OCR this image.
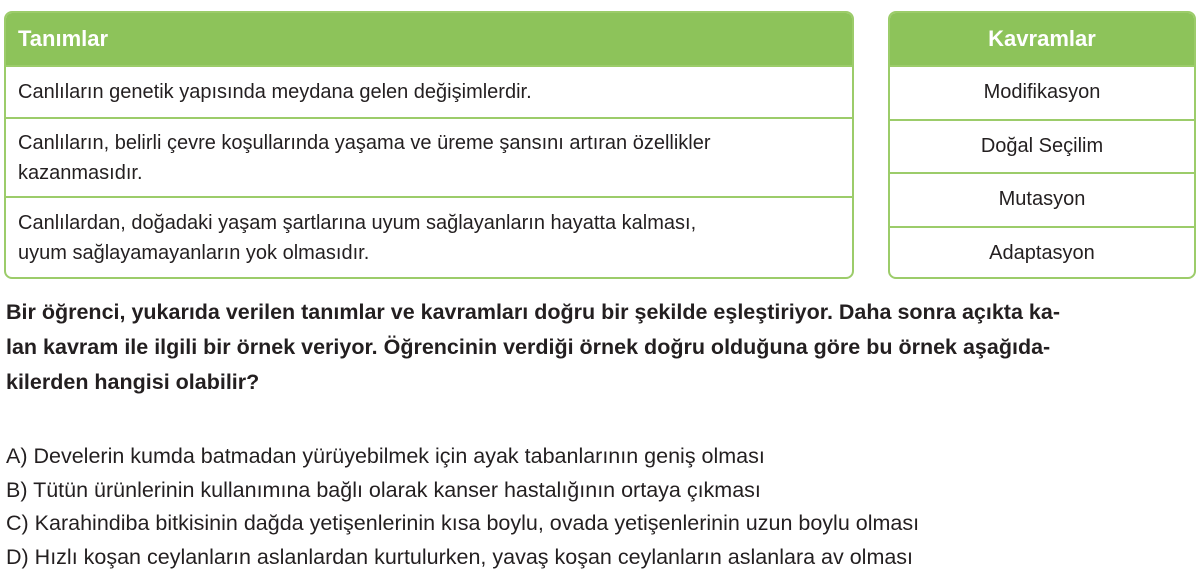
Tanımlar
Canlıların genetik yapısında meydana gelen değişimlerdir.
Canlıların, belirli çevre koşullarında yaşama ve üreme şansını artıran özellikler
kazanmasıdır.
Canlılardan, doğadaki yaşam şartlarına uyum sağlayanların hayatta kalması,
uyum sağlayamayanların yok olmasıdır.
Kavramlar
Modifikasyon
Doğal Seçilim
Mutasyon
Adaptasyon
Bir öğrenci, yukarıda verilen tanımlar ve kavramları doğru bir şekilde eşleştiriyor. Daha sonra açıkta ka-
lan kavram ile ilgili bir örnek veriyor. Öğrencinin verdiği örnek doğru olduğuna göre bu örnek aşağıda-
kilerden hangisi olabilir?
A) Develerin kumda batmadan yürüyebilmek için ayak tabanlarının geniş olması
B) Tütün ürünlerinin kullanımına bağlı olarak kanser hastalığının ortaya çıkması
C) Karahindiba bitkisinin dağda yetişenlerinin kısa boylu, ovada yetişenlerinin uzun boylu olması
D) Hızlı koşan ceylanların aslanlardan kurtulurken, yavaş koşan ceylanların aslanlara av olması
